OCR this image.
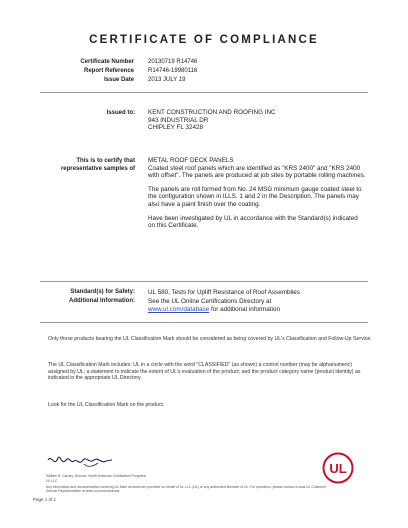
CERTIFICATE OF COMPLIANCE
Certificate Number 20130719 R14746
Report Reference R14746-19980116
Issue Date 2013 JULY 19
Issued to: KENT CONSTRUCTION AND ROOFING INC
943 INDUSTRIAL DR
CHIPLEY FL 32428
This is to certify that
representative samples of
METAL ROOF DECK PANELS

Coated steel roof panels which are identified as "KRS 2400" and "KRS 2400 with offset". The panels are produced at job sites by portable rolling machines.

The panels are roll formed from No. 24 MSG minimum gauge coated steel to the configuration shown in ILLS. 1 and 2 in the Description. The panels may also have a paint finish over the coating.

Have been investigated by UL in accordance with the Standard(s) indicated on this Certificate.

Standard(s) for Safety: UL 580, Tests for Uplift Resistance of Roof Assemblies
Additional Information: See the UL Online Certifications Directory at
www.ul.com/database for additional information
Only those products bearing the UL Classification Mark should be considered as being covered by UL's Classification and Follow-Up Service.
The UL Classification Mark includes: UL in a circle with the word "CLASSIFIED" (as shown) a control number (may be alphanumeric) assigned by UL; a statement to indicate the extent of UL's evaluation of the product; and the product category name (product identity) as indicated in the appropriate UL Directory.
Look for the UL Classification Mark on the product.
William R. Carney, Director, North American Certification Programs
UL LLC
Any information and documentation involving UL Mark services are provided on behalf of UL LLC (UL) or any authorized licensee of UL. For questions, please contact a local UL Customer Service Representative at www.ul.com/contactus
UL
Page 1 of 1
